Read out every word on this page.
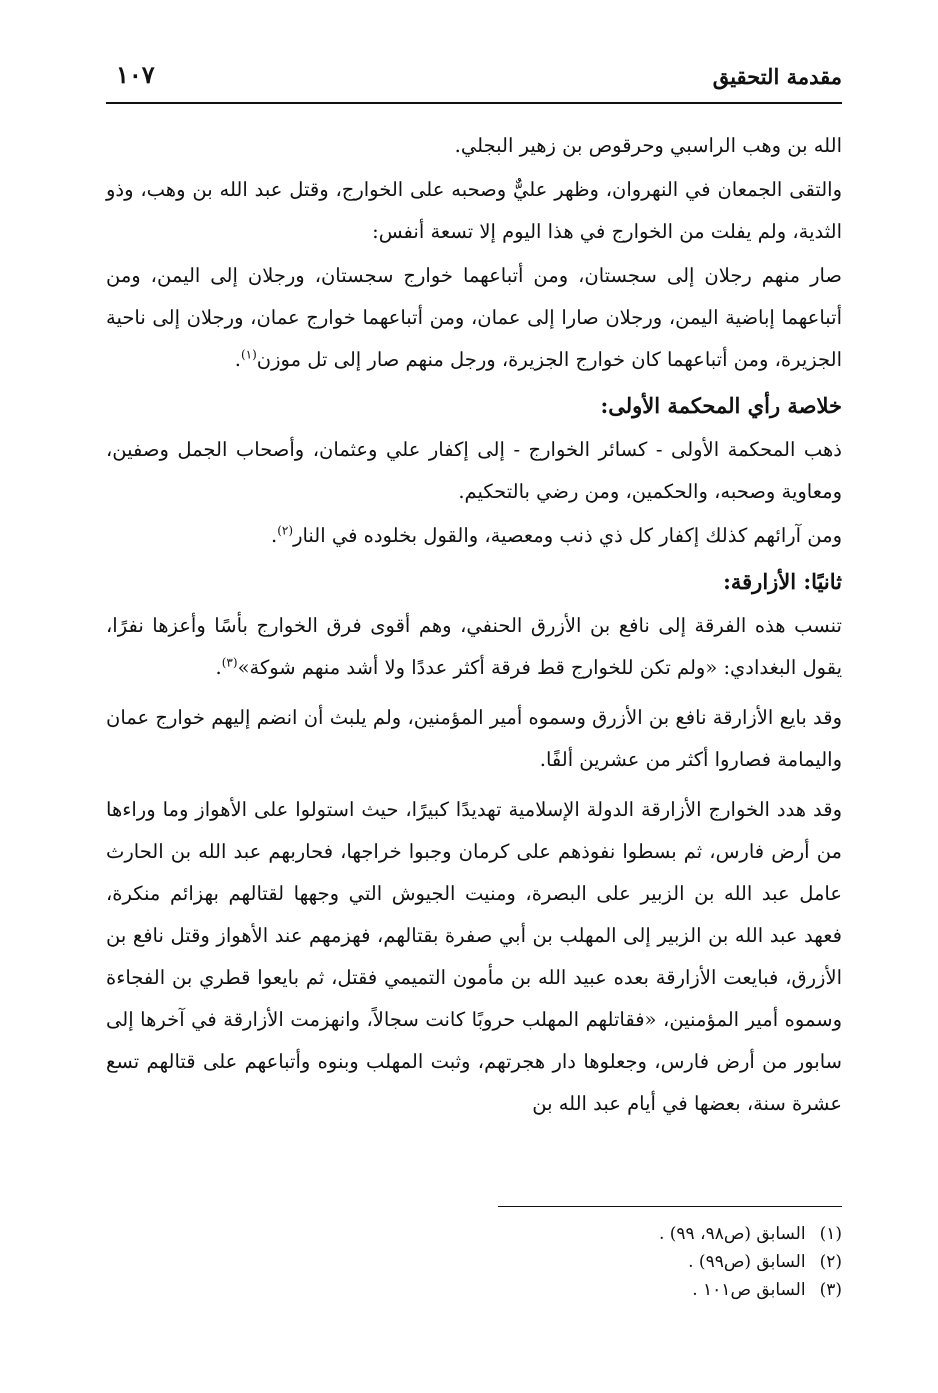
مقدمة التحقيق
١٠٧

الله بن وهب الراسبي وحرقوص بن زهير البجلي.

والتقى الجمعان في النهروان، وظهر عليٌّ وصحبه على الخوارج، وقتل عبد الله بن وهب، وذو الثدية، ولم يفلت من الخوارج في هذا اليوم إلا تسعة أنفس:

صار منهم رجلان إلى سجستان، ومن أتباعهما خوارج سجستان، ورجلان إلى اليمن، ومن أتباعهما إباضية اليمن، ورجلان صارا إلى عمان، ومن أتباعهما خوارج عمان، ورجلان إلى ناحية الجزيرة، ومن أتباعهما كان خوارج الجزيرة، ورجل منهم صار إلى تل موزن$^{(١)}$.

خلاصة رأي المحكمة الأولى:

ذهب المحكمة الأولى - كسائر الخوارج - إلى إكفار علي وعثمان، وأصحاب الجمل وصفين، ومعاوية وصحبه، والحكمين، ومن رضي بالتحكيم.

ومن آرائهم كذلك إكفار كل ذي ذنب ومعصية، والقول بخلوده في النار$^{(٢)}$.

ثانيًا: الأزارقة:

تنسب هذه الفرقة إلى نافع بن الأزرق الحنفي، وهم أقوى فرق الخوارج بأسًا وأعزها نفرًا، يقول البغدادي: «ولم تكن للخوارج قط فرقة أكثر عددًا ولا أشد منهم شوكة»$^{(٣)}$.

وقد بايع الأزارقة نافع بن الأزرق وسموه أمير المؤمنين، ولم يلبث أن انضم إليهم خوارج عمان واليمامة فصاروا أكثر من عشرين ألفًا.

وقد هدد الخوارج الأزارقة الدولة الإسلامية تهديدًا كبيرًا، حيث استولوا على الأهواز وما وراءها من أرض فارس، ثم بسطوا نفوذهم على كرمان وجبوا خراجها، فحاربهم عبد الله بن الحارث عامل عبد الله بن الزبير على البصرة، ومنيت الجيوش التي وجهها لقتالهم بهزائم منكرة، فعهد عبد الله بن الزبير إلى المهلب بن أبي صفرة بقتالهم، فهزمهم عند الأهواز وقتل نافع بن الأزرق، فبايعت الأزارقة بعده عبيد الله بن مأمون التميمي فقتل، ثم بايعوا قطري بن الفجاءة وسموه أمير المؤمنين، «فقاتلهم المهلب حروبًا كانت سجالاً، وانهزمت الأزارقة في آخرها إلى سابور من أرض فارس، وجعلوها دار هجرتهم، وثبت المهلب وبنوه وأتباعهم على قتالهم تسع عشرة سنة، بعضها في أيام عبد الله بن

(١)السابق (ص٩٨، ٩٩) .
(٢)السابق (ص٩٩) .
(٣)السابق ص١٠١ .
